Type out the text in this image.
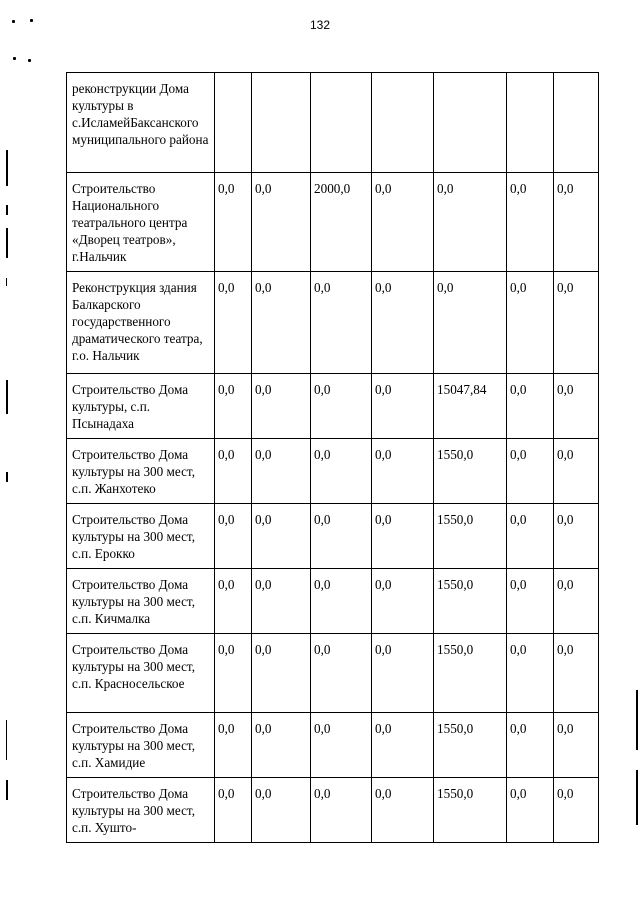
132
реконструкции Дома культуры в с.ИсламейБаксанского муниципального района							
Строительство Национального театрального центра «Дворец театров», г.Нальчик	0,0	0,0	2000,0	0,0	0,0	0,0	0,0
Реконструкция здания Балкарского государственного драматического театра, г.о. Нальчик	0,0	0,0	0,0	0,0	0,0	0,0	0,0
Строительство Дома культуры, с.п. Псынадаха	0,0	0,0	0,0	0,0	15047,84	0,0	0,0
Строительство Дома культуры на 300 мест, с.п. Жанхотеко	0,0	0,0	0,0	0,0	1550,0	0,0	0,0
Строительство Дома культуры на 300 мест, с.п. Ерокко	0,0	0,0	0,0	0,0	1550,0	0,0	0,0
Строительство Дома культуры на 300 мест, с.п. Кичмалка	0,0	0,0	0,0	0,0	1550,0	0,0	0,0
Строительство Дома культуры на 300 мест, с.п. Красносельское	0,0	0,0	0,0	0,0	1550,0	0,0	0,0
Строительство Дома культуры на 300 мест, с.п. Хамидие	0,0	0,0	0,0	0,0	1550,0	0,0	0,0
Строительство Дома культуры на 300 мест, с.п. Хушто-	0,0	0,0	0,0	0,0	1550,0	0,0	0,0
